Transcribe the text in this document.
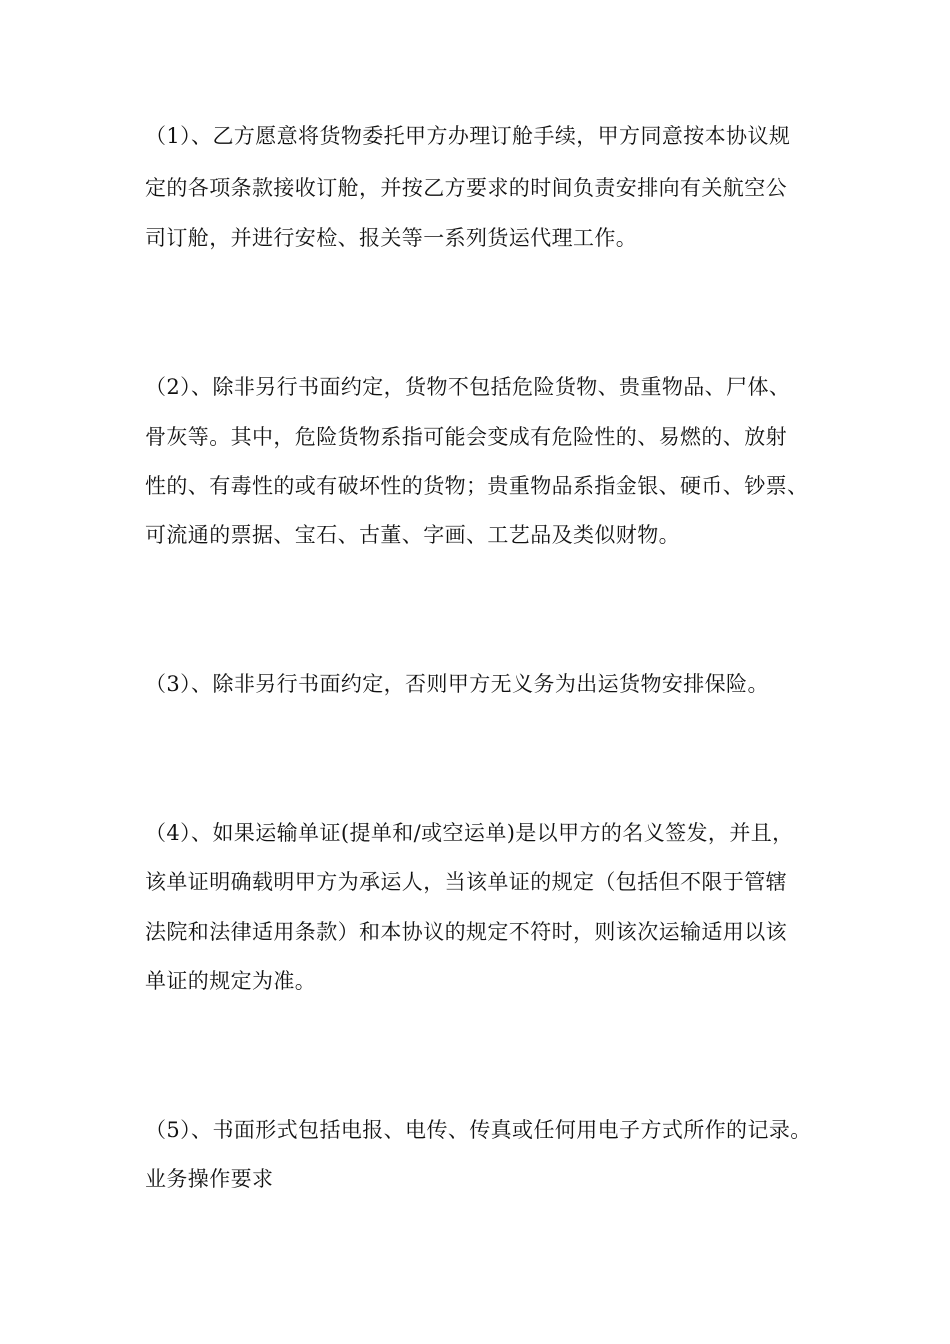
（1）、乙方愿意将货物委托甲方办理订舱手续，甲方同意按本协议规
定的各项条款接收订舱，并按乙方要求的时间负责安排向有关航空公
司订舱，并进行安检、报关等一系列货运代理工作。
（2）、除非另行书面约定，货物不包括危险货物、贵重物品、尸体、
骨灰等。其中，危险货物系指可能会变成有危险性的、易燃的、放射
性的、有毒性的或有破坏性的货物；贵重物品系指金银、硬币、钞票、
可流通的票据、宝石、古董、字画、工艺品及类似财物。
（3）、除非另行书面约定，否则甲方无义务为出运货物安排保险。
（4）、如果运输单证(提单和/或空运单)是以甲方的名义签发，并且，
该单证明确载明甲方为承运人，当该单证的规定（包括但不限于管辖
法院和法律适用条款）和本协议的规定不符时，则该次运输适用以该
单证的规定为准。
（5）、书面形式包括电报、电传、传真或任何用电子方式所作的记录。
业务操作要求
